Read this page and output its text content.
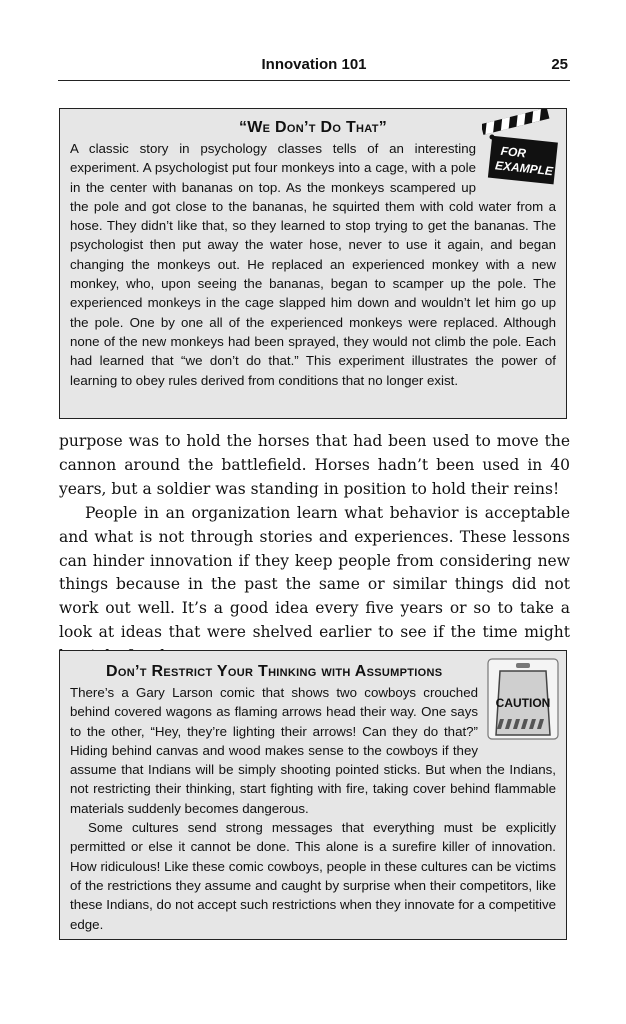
Innovation 101	25
“We Don’t Do That”
FOR
EXAMPLE

A classic story in psychology classes tells of an interesting experiment. A psychologist put four monkeys into a cage, with a pole in the center with bananas on top. As the monkeys scampered up the pole and got close to the bananas, he squirted them with cold water from a hose. They didn’t like that, so they learned to stop trying to get the bananas. The psychologist then put away the water hose, never to use it again, and began changing the monkeys out. He replaced an experienced monkey with a new monkey, who, upon seeing the bananas, began to scamper up the pole. The experienced monkeys in the cage slapped him down and wouldn’t let him go up the pole. One by one all of the experienced monkeys were replaced. Although none of the new monkeys had been sprayed, they would not climb the pole. Each had learned that “we don’t do that.” This experiment illustrates the power of learning to obey rules derived from conditions that no longer exist.

purpose was to hold the horses that had been used to move the cannon around the battlefield. Horses hadn’t been used in 40 years, but a soldier was standing in position to hold their reins!

People in an organization learn what behavior is acceptable and what is not through stories and experiences. These lessons can hinder innovation if they keep people from considering new things because in the past the same or similar things did not work out well. It’s a good idea every five years or so to take a look at ideas that were shelved earlier to see if the time might

CAUTION
Don’t Restrict Your Thinking with Assumptions

There’s a Gary Larson comic that shows two cowboys crouched behind covered wagons as flaming arrows head their way. One says to the other, “Hey, they’re lighting their arrows! Can they do that?” Hiding behind canvas and wood makes sense to the cowboys if they assume that Indians will be simply shooting pointed sticks. But when the Indians, not restricting their thinking, start fighting with fire, taking cover behind flammable materials suddenly becomes dangerous.

Some cultures send strong messages that everything must be explicitly permitted or else it cannot be done. This alone is a surefire killer of innovation. How ridiculous! Like these comic cowboys, people in these cultures can be victims of the restrictions they assume and caught by surprise when their competitors, like these Indians, do not accept such restrictions when they innovate for a competitive edge.
